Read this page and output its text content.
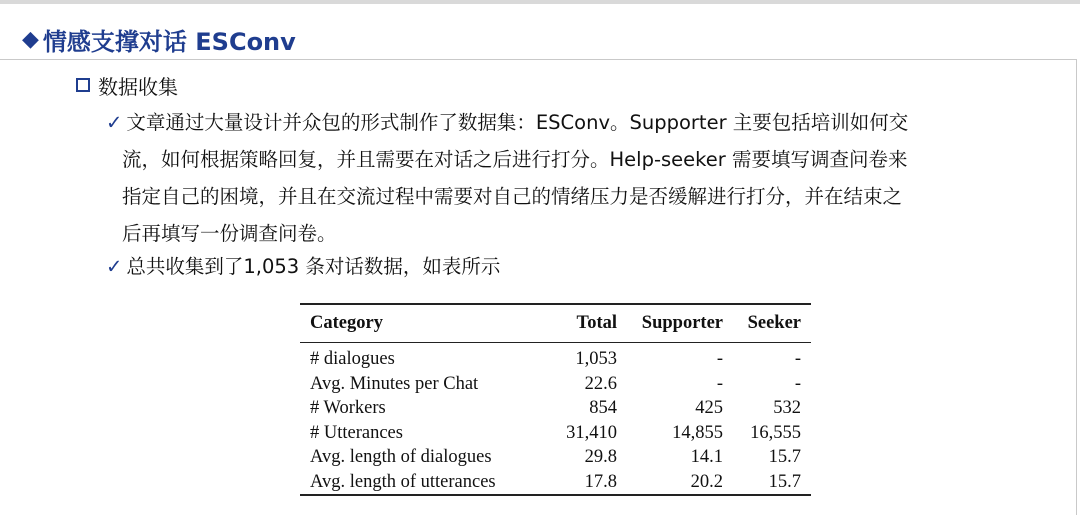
◆ 情感支撑对话 ESConv
数据收集
✓ 文章通过大量设计并众包的形式制作了数据集：ESConv。Supporter 主要包括培训如何交
流，如何根据策略回复，并且需要在对话之后进行打分。Help-seeker 需要填写调查问卷来
指定自己的困境，并且在交流过程中需要对自己的情绪压力是否缓解进行打分，并在结束之
后再填写一份调查问卷。
✓ 总共收集到了1,053 条对话数据，如表所示
Category	Total	Supporter	Seeker
# dialogues	1,053	-	-
Avg. Minutes per Chat	22.6	-	-
# Workers	854	425	532
# Utterances	31,410	14,855	16,555
Avg. length of dialogues	29.8	14.1	15.7
Avg. length of utterances	17.8	20.2	15.7
